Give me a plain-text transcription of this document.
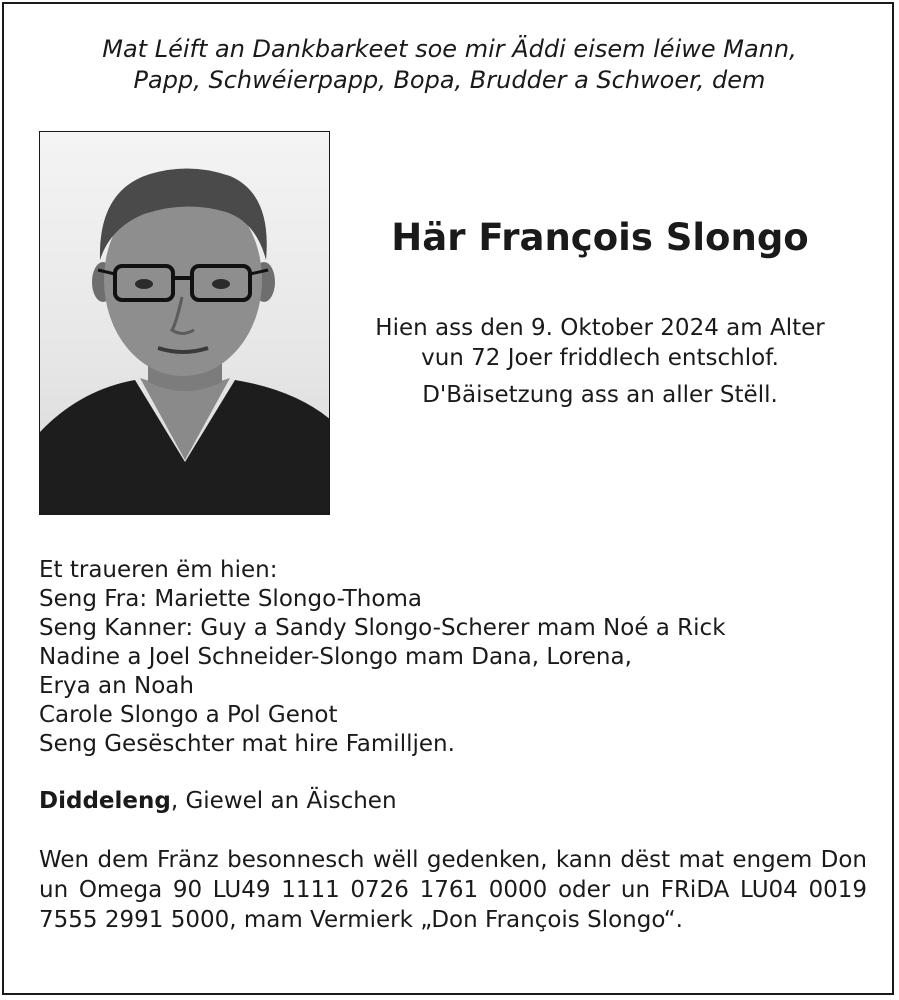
Mat Léift an Dankbarkeet soe mir Äddi eisem léiwe Mann,
Papp, Schwéierpapp, Bopa, Brudder a Schwoer, dem
Här François Slongo
Hien ass den 9. Oktober 2024 am Alter
vun 72 Joer friddlech entschlof.
D'Bäisetzung ass an aller Stëll.
Et traueren ëm hien:
Seng Fra: Mariette Slongo-Thoma
Seng Kanner: Guy a Sandy Slongo-Scherer mam Noé a Rick
Nadine a Joel Schneider-Slongo mam Dana, Lorena,
Erya an Noah
Carole Slongo a Pol Genot
Seng Gesëschter mat hire Familljen.
Diddeleng, Giewel an Äischen
Wen dem Fränz besonnesch wëll gedenken, kann dëst mat engem Don un Omega 90 LU49 1111 0726 1761 0000 oder un FRiDA LU04 0019 7555 2991 5000, mam Vermierk „Don François Slongo“.
